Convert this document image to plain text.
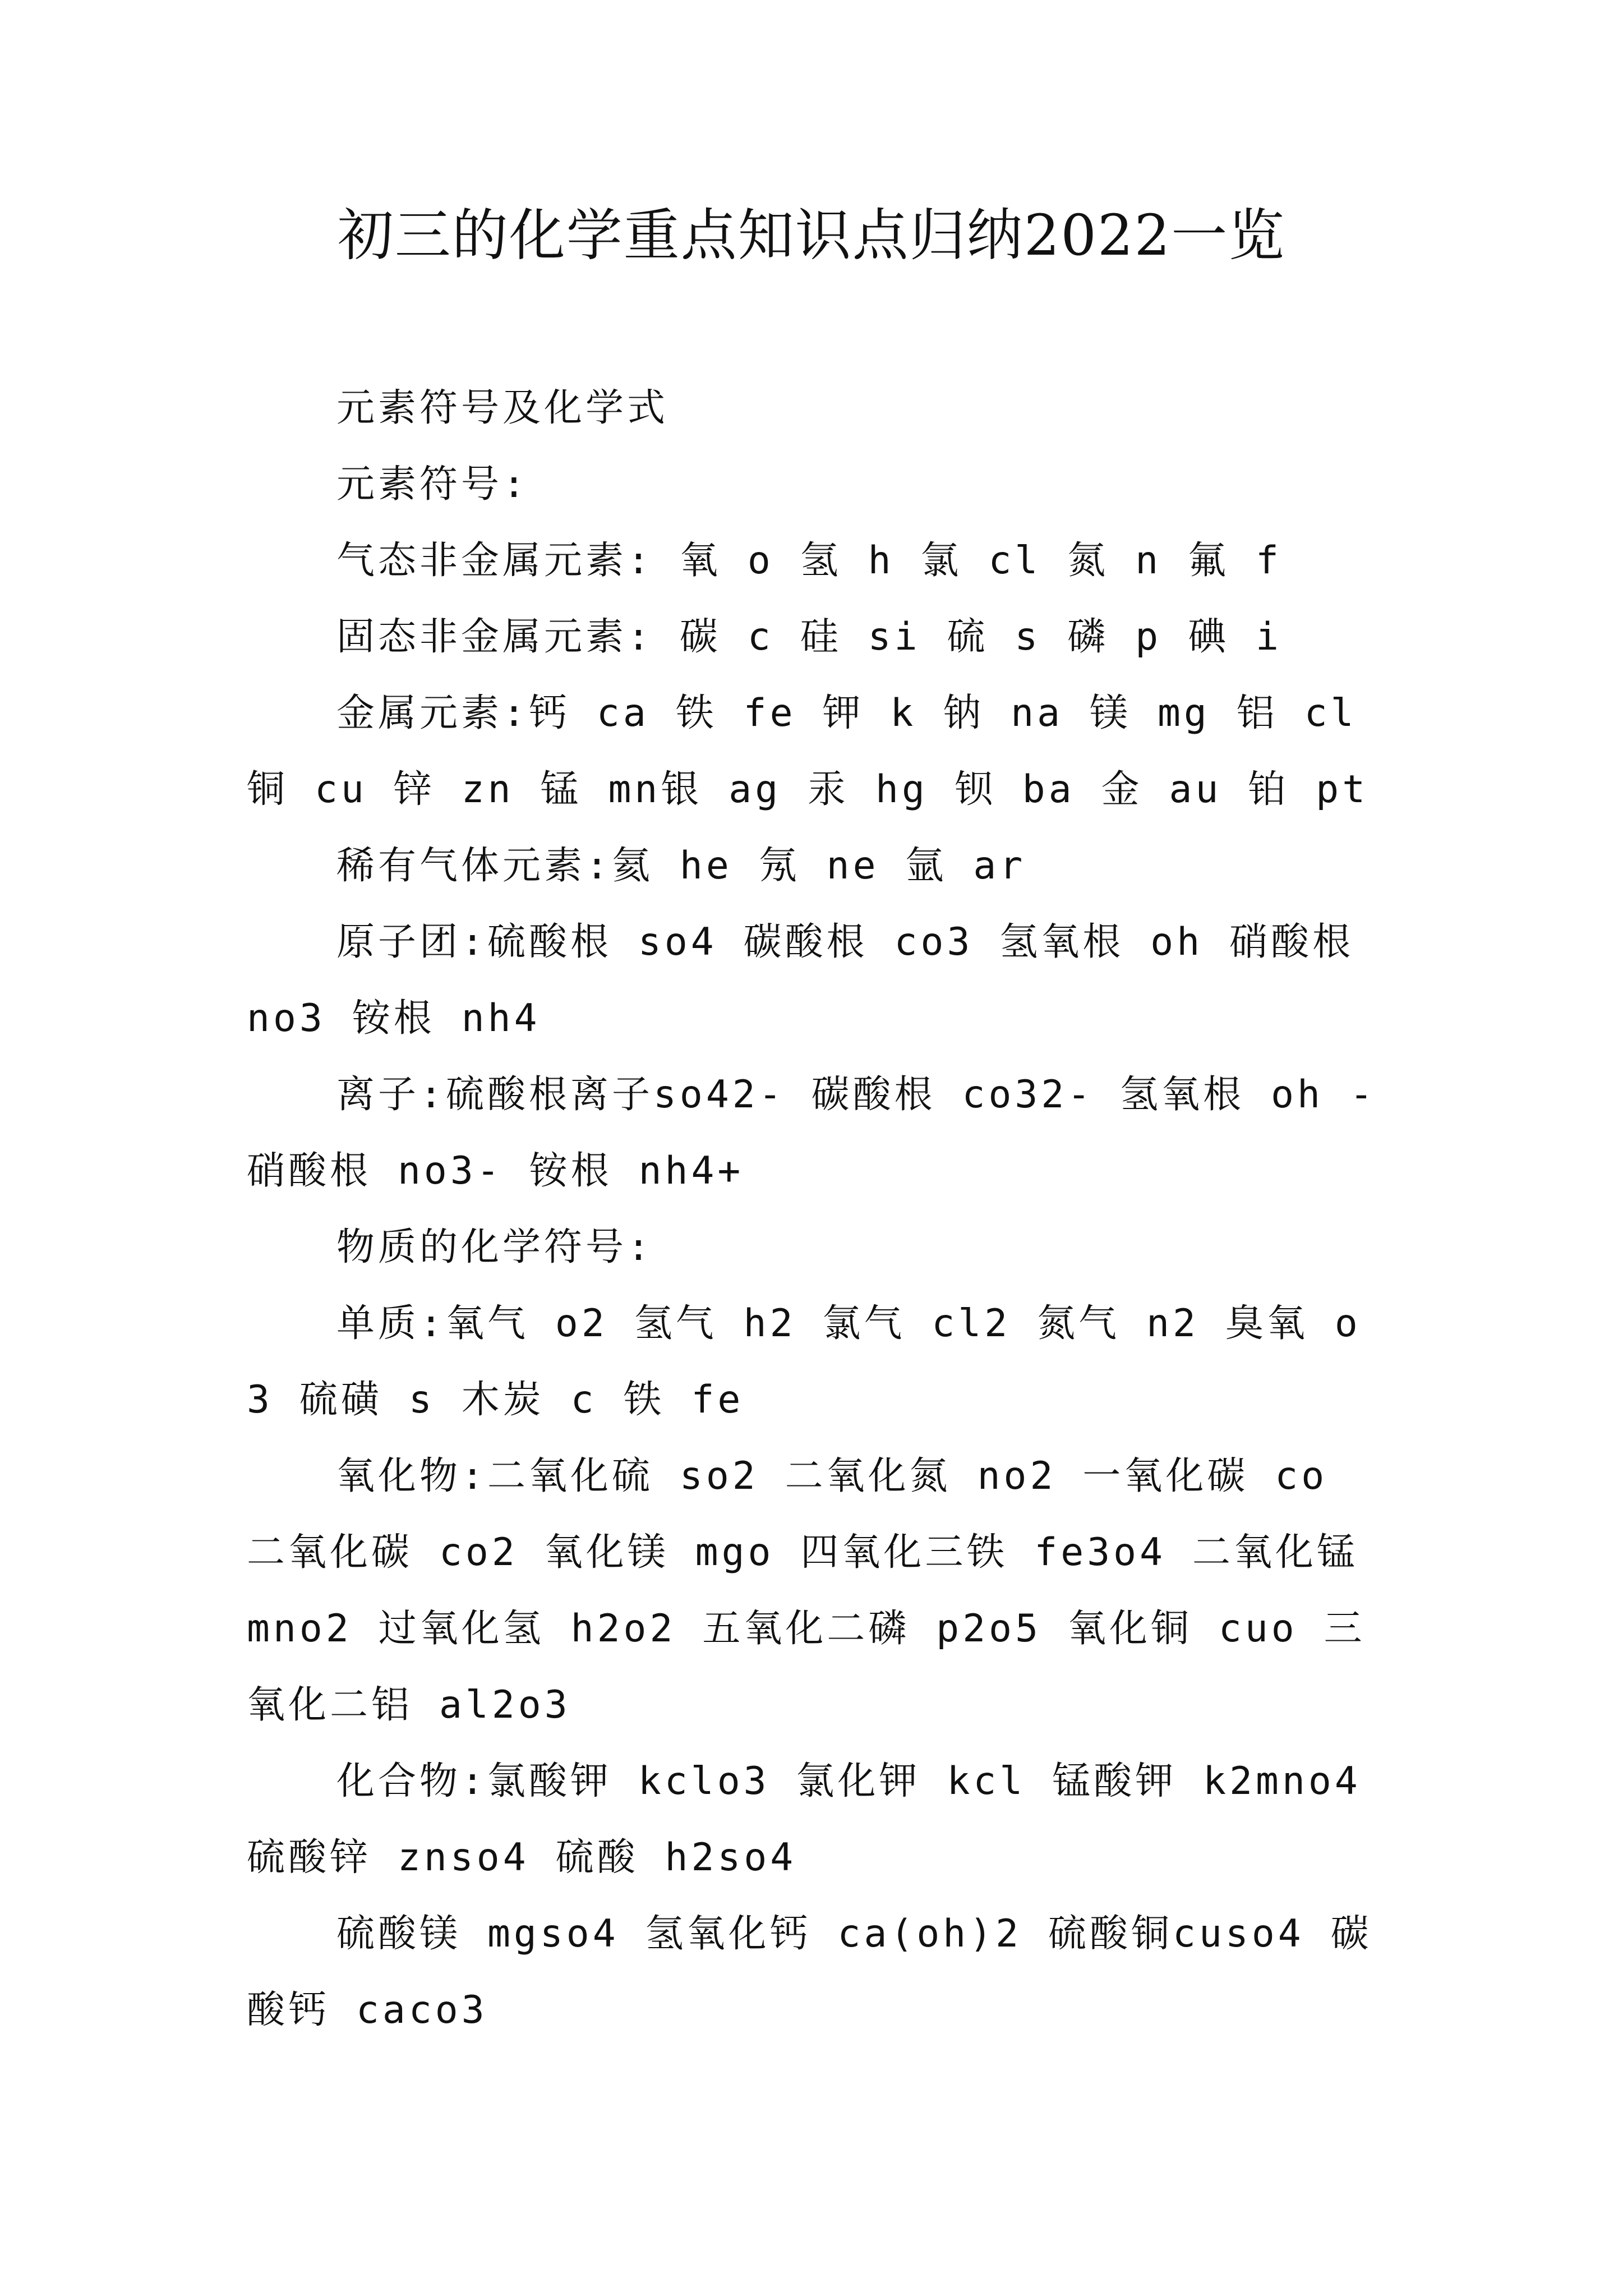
初三的化学重点知识点归纳2022一览

元素符号及化学式

元素符号:

气态非金属元素: 氧 o 氢 h 氯 cl 氮 n 氟 f

固态非金属元素: 碳 c 硅 si 硫 s 磷 p 碘 i

金属元素:钙 ca 铁 fe 钾 k 钠 na 镁 mg 铝 cl 铜 cu 锌 zn 锰 mn银 ag 汞 hg 钡 ba 金 au 铂 pt

稀有气体元素:氦 he 氖 ne 氩 ar

原子团:硫酸根 so4 碳酸根 co3 氢氧根 oh 硝酸根 no3 铵根 nh4

离子:硫酸根离子so42- 碳酸根 co32- 氢氧根 oh - 硝酸根 no3- 铵根 nh4+

物质的化学符号:

单质:氧气 o2 氢气 h2 氯气 cl2 氮气 n2 臭氧 o3 硫磺 s 木炭 c 铁 fe

氧化物:二氧化硫 so2 二氧化氮 no2 一氧化碳 co 二氧化碳 co2 氧化镁 mgo 四氧化三铁 fe3o4 二氧化锰 mno2 过氧化氢 h2o2 五氧化二磷 p2o5 氧化铜 cuo 三氧化二铝 al2o3

化合物:氯酸钾 kclo3 氯化钾 kcl 锰酸钾 k2mno4 硫酸锌 znso4 硫酸 h2so4

硫酸镁 mgso4 氢氧化钙 ca(oh)2 硫酸铜cuso4 碳酸钙 caco3
